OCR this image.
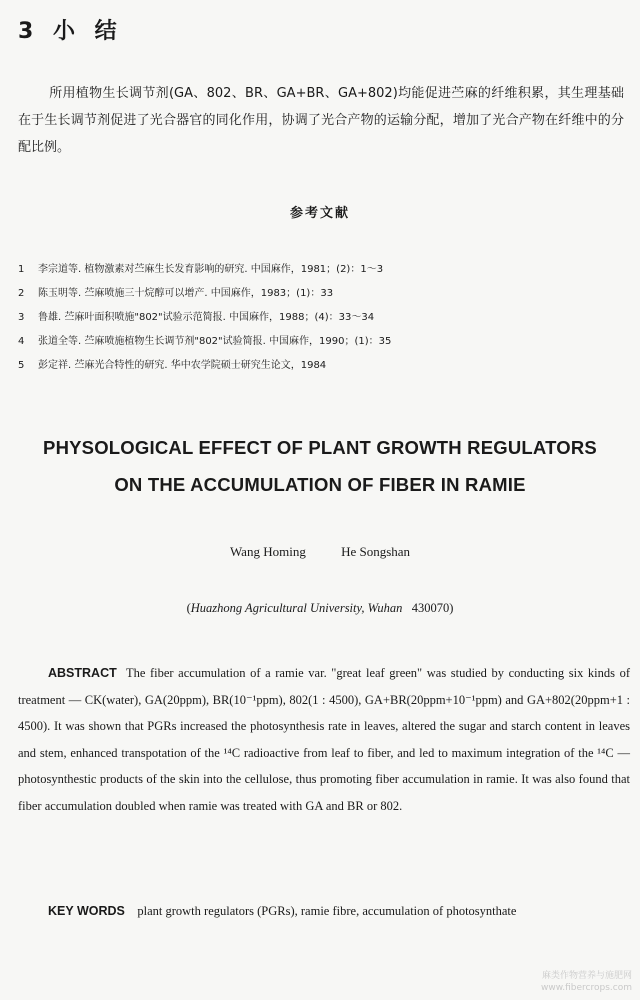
3 小 结

所用植物生长调节剂(GA、802、BR、GA+BR、GA+802)均能促进苎麻的纤维积累，其生理基础在于生长调节剂促进了光合器官的同化作用，协调了光合产物的运输分配，增加了光合产物在纤维中的分配比例。

参考文献
1 李宗道等. 植物激素对苎麻生长发育影响的研究. 中国麻作，1981；(2)：1～3
2 陈玉明等. 苎麻喷施三十烷醇可以增产. 中国麻作，1983；(1)：33
3 鲁雄. 苎麻叶面积喷施"802"试验示范简报. 中国麻作，1988；(4)：33～34
4 张道全等. 苎麻喷施植物生长调节剂"802"试验简报. 中国麻作，1990；(1)：35
5 彭定祥. 苎麻光合特性的研究. 华中农学院硕士研究生论文，1984
PHYSOLOGICAL EFFECT OF PLANT GROWTH REGULATORS
ON THE ACCUMULATION OF FIBER IN RAMIE
Wang Homing	He Songshan
(Huazhong Agricultural University, Wuhan 430070)

ABSTRACT The fiber accumulation of a ramie var. "great leaf green" was studied by conducting six kinds of treatment — CK(water), GA(20ppm), BR(10⁻¹ppm), 802(1 : 4500), GA+BR(20ppm+10⁻¹ppm) and GA+802(20ppm+1 : 4500). It was shown that PGRs increased the photosynthesis rate in leaves, altered the sugar and starch content in leaves and stem, enhanced transpotation of the ¹⁴C radioactive from leaf to fiber, and led to maximum integration of the ¹⁴C — photosynthestic products of the skin into the cellulose, thus promoting fiber accumulation in ramie. It was also found that fiber accumulation doubled when ramie was treated with GA and BR or 802.

KEY WORDS plant growth regulators (PGRs), ramie fibre, accumulation of photosynthate

麻类作物营养与施肥网
www.fibercrops.com
